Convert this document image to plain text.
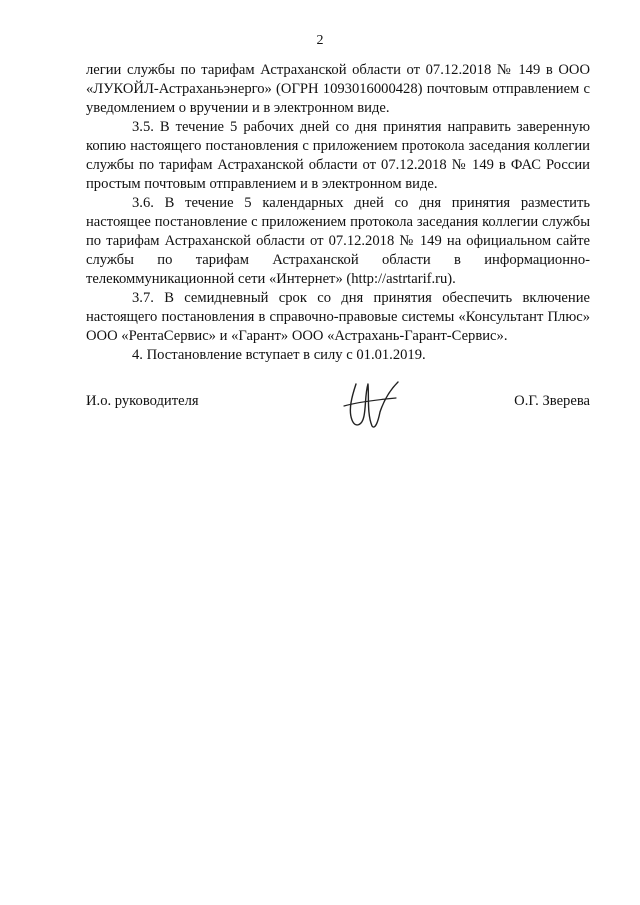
2

легии службы по тарифам Астраханской области от 07.12.2018 № 149 в ООО «ЛУКОЙЛ-Астраханьэнерго» (ОГРН 1093016000428) почтовым отправлением с уведомлением о вручении и в электронном виде.

3.5. В течение 5 рабочих дней со дня принятия направить заверенную копию настоящего постановления с приложением протокола заседания коллегии службы по тарифам Астраханской области от 07.12.2018 № 149 в ФАС России простым почтовым отправлением и в электронном виде.

3.6. В течение 5 календарных дней со дня принятия разместить настоящее постановление с приложением протокола заседания коллегии службы по тарифам Астраханской области от 07.12.2018 № 149 на официальном сайте службы по тарифам Астраханской области в информационно-телекоммуникационной сети «Интернет» (http://astrtarif.ru).

3.7. В семидневный срок со дня принятия обеспечить включение настоящего постановления в справочно-правовые системы «Консультант Плюс» ООО «РентаСервис» и «Гарант» ООО «Астрахань-Гарант-Сервис».

4. Постановление вступает в силу с 01.01.2019.

И.о. руководителя	О.Г. Зверева
